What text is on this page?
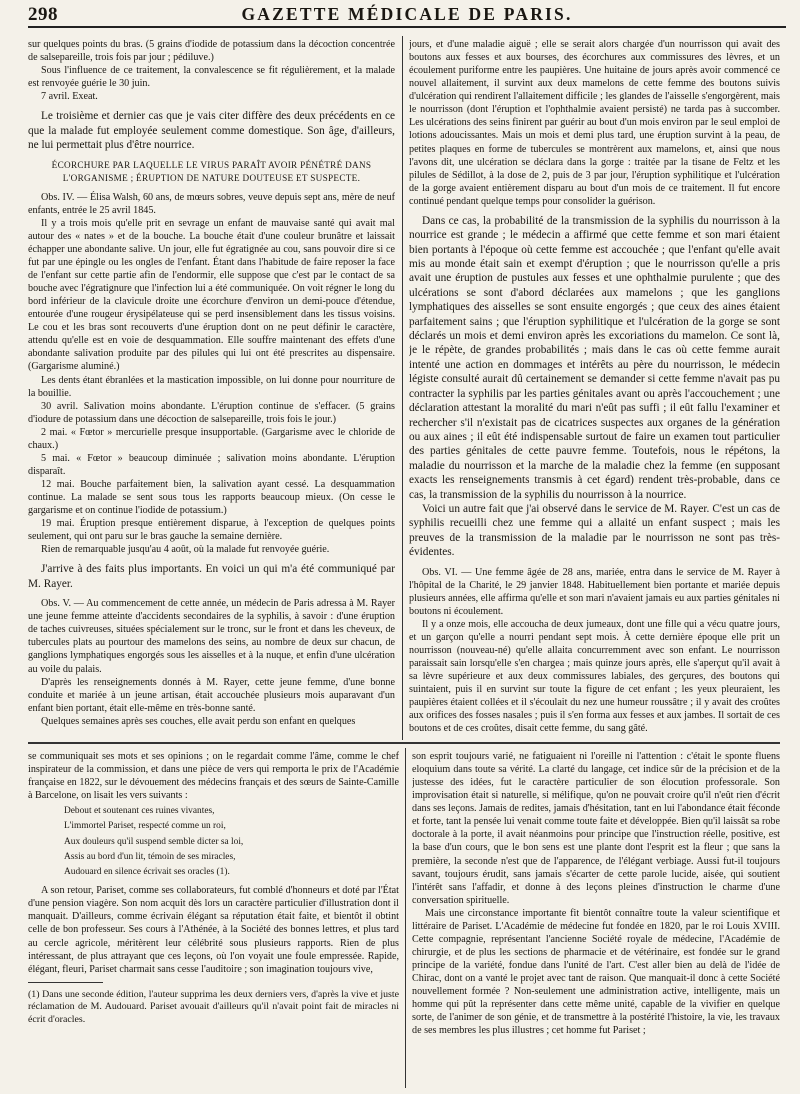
298	GAZETTE MÉDICALE DE PARIS.

sur quelques points du bras. (5 grains d'iodide de potassium dans la décoction concentrée de salsepareille, trois fois par jour ; pédiluve.)

Sous l'influence de ce traitement, la convalescence se fit régulièrement, et la malade est renvoyée guérie le 30 juin.

7 avril. Exeat.

Le troisième et dernier cas que je vais citer diffère des deux précédents en ce que la malade fut employée seulement comme domestique. Son âge, d'ailleurs, ne lui permettait plus d'être nourrice.

ÉCORCHURE PAR LAQUELLE LE VIRUS PARAÎT AVOIR PÉNÉTRÉ DANS L'ORGANISME ; ÉRUPTION DE NATURE DOUTEUSE ET SUSPECTE.

Obs. IV. — Élisa Walsh, 60 ans, de mœurs sobres, veuve depuis sept ans, mère de neuf enfants, entrée le 25 avril 1845.

Il y a trois mois qu'elle prit en sevrage un enfant de mauvaise santé qui avait mal autour des « nates » et de la bouche. La bouche était d'une couleur brunâtre et laissait échapper une abondante salive. Un jour, elle fut égratignée au cou, sans pouvoir dire si ce fut par une épingle ou les ongles de l'enfant. Étant dans l'habitude de faire reposer la face de l'enfant sur cette partie afin de l'endormir, elle suppose que c'est par le contact de sa bouche avec l'égratignure que l'infection lui a été communiquée. On voit régner le long du bord inférieur de la clavicule droite une écorchure d'environ un demi-pouce d'étendue, entourée d'une rougeur érysipélateuse qui se perd insensiblement dans les tissus voisins. Le cou et les bras sont recouverts d'une éruption dont on ne peut définir le caractère, attendu qu'elle est en voie de desquammation. Elle souffre maintenant des effets d'une abondante salivation produite par des pilules qui lui ont été prescrites au dispensaire. (Gargarisme aluminé.)

Les dents étant ébranlées et la mastication impossible, on lui donne pour nourriture de la bouillie.

30 avril. Salivation moins abondante. L'éruption continue de s'effacer. (5 grains d'iodure de potassium dans une décoction de salsepareille, trois fois le jour.)

2 mai. « Fœtor » mercurielle presque insupportable. (Gargarisme avec le chloride de chaux.)

5 mai. « Fœtor » beaucoup diminuée ; salivation moins abondante. L'éruption disparaît.

12 mai. Bouche parfaitement bien, la salivation ayant cessé. La desquammation continue. La malade se sent sous tous les rapports beaucoup mieux. (On cesse le gargarisme et on continue l'iodide de potassium.)

19 mai. Éruption presque entièrement disparue, à l'exception de quelques points seulement, qui ont paru sur le bras gauche la semaine dernière.

Rien de remarquable jusqu'au 4 août, où la malade fut renvoyée guérie.

J'arrive à des faits plus importants. En voici un qui m'a été communiqué par M. Rayer.

Obs. V. — Au commencement de cette année, un médecin de Paris adressa à M. Rayer une jeune femme atteinte d'accidents secondaires de la syphilis, à savoir : d'une éruption de taches cuivreuses, situées spécialement sur le tronc, sur le front et dans les cheveux, de tubercules plats au pourtour des mamelons des seins, au nombre de deux sur chacun, de ganglions lymphatiques engorgés sous les aisselles et à la nuque, et enfin d'une ulcération au voile du palais.

D'après les renseignements donnés à M. Rayer, cette jeune femme, d'une bonne conduite et mariée à un jeune artisan, était accouchée plusieurs mois auparavant d'un enfant bien portant, était elle-même en très-bonne santé.

Quelques semaines après ses couches, elle avait perdu son enfant en quelques

jours, et d'une maladie aiguë ; elle se serait alors chargée d'un nourrisson qui avait des boutons aux fesses et aux bourses, des écorchures aux commissures des lèvres, et un écoulement puriforme entre les paupières. Une huitaine de jours après avoir commencé ce nouvel allaitement, il survint aux deux mamelons de cette femme des boutons suivis d'ulcération qui rendirent l'allaitement difficile ; les glandes de l'aisselle s'engorgèrent, mais le nourrisson (dont l'éruption et l'ophthalmie avaient persisté) ne tarda pas à succomber. Les ulcérations des seins finirent par guérir au bout d'un mois environ par le seul emploi de lotions adoucissantes. Mais un mois et demi plus tard, une éruption survint à la peau, de petites plaques en forme de tubercules se montrèrent aux mamelons, et, ainsi que nous l'avons dit, une ulcération se déclara dans la gorge : traitée par la tisane de Feltz et les pilules de Sédillot, à la dose de 2, puis de 3 par jour, l'éruption syphilitique et l'ulcération de la gorge avaient entièrement disparu au bout d'un mois de ce traitement. Il fut encore continué pendant quelque temps pour consolider la guérison.

Dans ce cas, la probabilité de la transmission de la syphilis du nourrisson à la nourrice est grande ; le médecin a affirmé que cette femme et son mari étaient bien portants à l'époque où cette femme est accouchée ; que l'enfant qu'elle avait mis au monde était sain et exempt d'éruption ; que le nourrisson qu'elle a pris avait une éruption de pustules aux fesses et une ophthalmie purulente ; que des ulcérations se sont d'abord déclarées aux mamelons ; que les ganglions lymphatiques des aisselles se sont ensuite engorgés ; que ceux des aines étaient parfaitement sains ; que l'éruption syphilitique et l'ulcération de la gorge se sont déclarés un mois et demi environ après les excoriations du mamelon. Ce sont là, je le répète, de grandes probabilités ; mais dans le cas où cette femme aurait intenté une action en dommages et intérêts au père du nourrisson, le médecin légiste consulté aurait dû certainement se demander si cette femme n'avait pas pu contracter la syphilis par les parties génitales avant ou après l'accouchement ; une déclaration attestant la moralité du mari n'eût pas suffi ; il eût fallu l'examiner et rechercher s'il n'existait pas de cicatrices suspectes aux organes de la génération ou aux aines ; il eût été indispensable surtout de faire un examen tout particulier des parties génitales de cette pauvre femme. Toutefois, nous le répétons, la maladie du nourrisson et la marche de la maladie chez la femme (en supposant exacts les renseignements transmis à cet égard) rendent très-probable, dans ce cas, la transmission de la syphilis du nourrisson à la nourrice.

Voici un autre fait que j'ai observé dans le service de M. Rayer. C'est un cas de syphilis recueilli chez une femme qui a allaité un enfant suspect ; mais les preuves de la transmission de la maladie par le nourrisson ne sont pas très-évidentes.

Obs. VI. — Une femme âgée de 28 ans, mariée, entra dans le service de M. Rayer à l'hôpital de la Charité, le 29 janvier 1848. Habituellement bien portante et mariée depuis plusieurs années, elle affirma qu'elle et son mari n'avaient jamais eu aux parties génitales ni boutons ni écoulement.

Il y a onze mois, elle accoucha de deux jumeaux, dont une fille qui a vécu quatre jours, et un garçon qu'elle a nourri pendant sept mois. À cette dernière époque elle prit un nourrisson (nouveau-né) qu'elle allaita concurremment avec son enfant. Le nourrisson paraissait sain lorsqu'elle s'en chargea ; mais quinze jours après, elle s'aperçut qu'il avait à sa lèvre supérieure et aux deux commissures labiales, des gerçures, des boutons qui suintaient, puis il en survint sur toute la figure de cet enfant ; les yeux pleuraient, les paupières étaient collées et il s'écoulait du nez une humeur roussâtre ; il y avait des croûtes aux orifices des fosses nasales ; puis il s'en forma aux fesses et aux jambes. Il sortait de ces boutons et de ces croûtes, disait cette femme, du sang gâté.

se communiquait ses mots et ses opinions ; on le regardait comme l'âme, comme le chef inspirateur de la commission, et dans une pièce de vers qui remporta le prix de l'Académie française en 1822, sur le dévouement des médecins français et des sœurs de Sainte-Camille à Barcelone, on lisait les vers suivants :

Debout et soutenant ces ruines vivantes,

L'immortel Pariset, respecté comme un roi,

Aux douleurs qu'il suspend semble dicter sa loi,

Assis au bord d'un lit, témoin de ses miracles,

Audouard en silence écrivait ses oracles (1).

A son retour, Pariset, comme ses collaborateurs, fut comblé d'honneurs et doté par l'État d'une pension viagère. Son nom acquit dès lors un caractère particulier d'illustration dont il manquait. D'ailleurs, comme écrivain élégant sa réputation était faite, et bientôt il obtint celle de bon professeur. Ses cours à l'Athénée, à la Société des bonnes lettres, et plus tard au cercle agricole, méritèrent leur célébrité sous plusieurs rapports. Rien de plus intéressant, de plus attrayant que ces leçons, où l'on voyait une foule empressée. Rapide, élégant, fleuri, Pariset charmait sans cesse l'auditoire ; son imagination toujours vive,

(1) Dans une seconde édition, l'auteur supprima les deux derniers vers, d'après la vive et juste réclamation de M. Audouard. Pariset avouait d'ailleurs qu'il n'avait point fait de miracles ni écrit d'oracles.

son esprit toujours varié, ne fatiguaient ni l'oreille ni l'attention : c'était le sponte fluens eloquium dans toute sa vérité. La clarté du langage, cet indice sûr de la précision et de la justesse des idées, fut le caractère particulier de son élocution professorale. Son improvisation était si naturelle, si mélifique, qu'on ne pouvait croire qu'il n'eût rien d'écrit dans ses leçons. Jamais de redites, jamais d'hésitation, tant en lui l'abondance était féconde et forte, tant la pensée lui venait comme toute faite et développée. Bien qu'il laissât sa robe doctorale à la porte, il avait néanmoins pour principe que l'instruction réelle, positive, est la base d'un cours, que le bon sens est une plante dont l'esprit est la fleur ; que sans la première, la seconde n'est que de l'apparence, de l'élégant verbiage. Aussi fut-il toujours savant, toujours érudit, sans jamais s'écarter de cette parole lucide, aisée, qui soutient l'intérêt sans l'affadir, et donne à des leçons pleines d'instruction le charme d'une conversation spirituelle.

Mais une circonstance importante fit bientôt connaître toute la valeur scientifique et littéraire de Pariset. L'Académie de médecine fut fondée en 1820, par le roi Louis XVIII. Cette compagnie, représentant l'ancienne Société royale de médecine, l'Académie de chirurgie, et de plus les sections de pharmacie et de vétérinaire, est fondée sur le grand principe de la variété, fondue dans l'unité de l'art. C'est aller bien au delà de l'idée de Chirac, dont on a vanté le projet avec tant de raison. Que manquait-il donc à cette Société nouvellement formée ? Non-seulement une administration active, intelligente, mais un homme qui pût la représenter dans cette même unité, capable de la vivifier en quelque sorte, de l'animer de son génie, et de transmettre à la postérité l'histoire, la vie, les travaux de ses membres les plus illustres ; cet homme fut Pariset ;
